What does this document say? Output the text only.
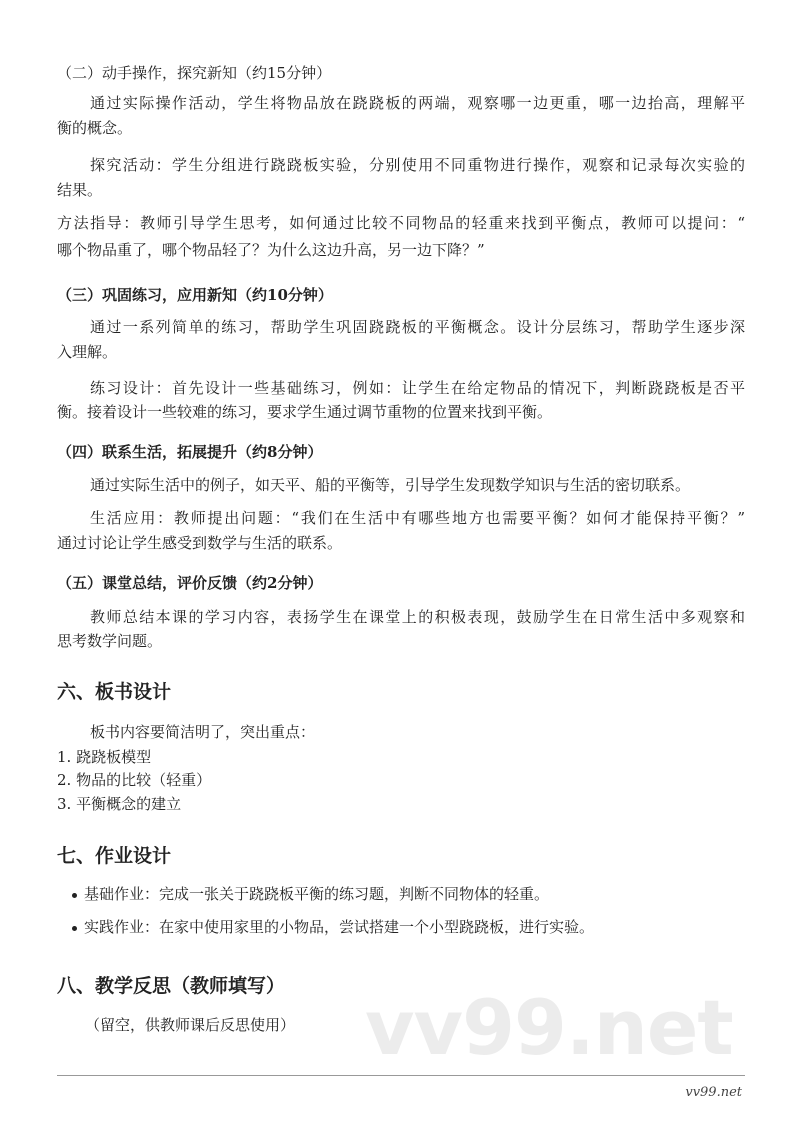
（二）动手操作，探究新知（约15分钟）
通过实际操作活动，学生将物品放在跷跷板的两端，观察哪一边更重，哪一边抬高，理解平
衡的概念。
探究活动：学生分组进行跷跷板实验，分别使用不同重物进行操作，观察和记录每次实验的
结果。
方法指导：教师引导学生思考，如何通过比较不同物品的轻重来找到平衡点，教师可以提问：“
哪个物品重了，哪个物品轻了？为什么这边升高，另一边下降？”
（三）巩固练习，应用新知（约10分钟）
通过一系列简单的练习，帮助学生巩固跷跷板的平衡概念。设计分层练习，帮助学生逐步深
入理解。
练习设计：首先设计一些基础练习，例如：让学生在给定物品的情况下，判断跷跷板是否平
衡。接着设计一些较难的练习，要求学生通过调节重物的位置来找到平衡。
（四）联系生活，拓展提升（约8分钟）
通过实际生活中的例子，如天平、船的平衡等，引导学生发现数学知识与生活的密切联系。
生活应用：教师提出问题：“我们在生活中有哪些地方也需要平衡？如何才能保持平衡？”
通过讨论让学生感受到数学与生活的联系。
（五）课堂总结，评价反馈（约2分钟）
教师总结本课的学习内容，表扬学生在课堂上的积极表现，鼓励学生在日常生活中多观察和
思考数学问题。
六、板书设计
板书内容要简洁明了，突出重点：
1. 跷跷板模型
2. 物品的比较（轻重）
3. 平衡概念的建立
七、作业设计
基础作业：完成一张关于跷跷板平衡的练习题，判断不同物体的轻重。
实践作业：在家中使用家里的小物品，尝试搭建一个小型跷跷板，进行实验。
vv99.net
八、教学反思（教师填写）
（留空，供教师课后反思使用）
vv99.net
